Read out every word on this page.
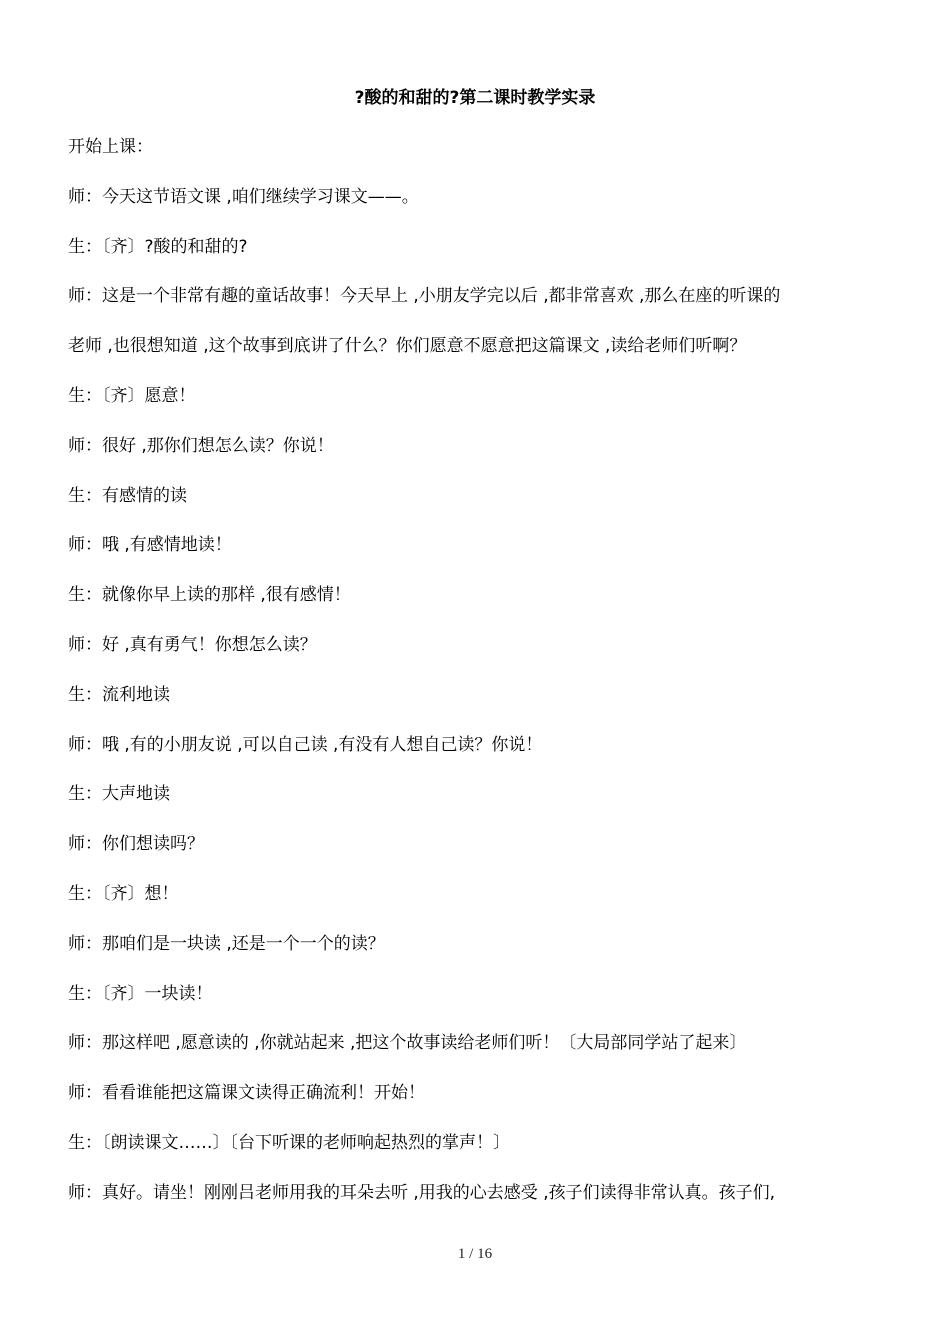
?酸的和甜的?第二课时教学实录
开始上课：
师：今天这节语文课 ,咱们继续学习课文——。
生：〔齐〕?酸的和甜的?
师：这是一个非常有趣的童话故事！今天早上 ,小朋友学完以后 ,都非常喜欢 ,那么在座的听课的
老师 ,也很想知道 ,这个故事到底讲了什么？你们愿意不愿意把这篇课文 ,读给老师们听啊？
生：〔齐〕愿意！
师：很好 ,那你们想怎么读？你说！
生：有感情的读
师：哦 ,有感情地读！
生：就像你早上读的那样 ,很有感情！
师：好 ,真有勇气！你想怎么读？
生：流利地读
师：哦 ,有的小朋友说 ,可以自己读 ,有没有人想自己读？你说！
生：大声地读
师：你们想读吗？
生：〔齐〕想！
师：那咱们是一块读 ,还是一个一个的读？
生：〔齐〕一块读！
师：那这样吧 ,愿意读的 ,你就站起来 ,把这个故事读给老师们听！〔大局部同学站了起来〕
师：看看谁能把这篇课文读得正确流利！开始！
生：〔朗读课文……〕〔台下听课的老师响起热烈的掌声！〕
师：真好。请坐！刚刚吕老师用我的耳朵去听 ,用我的心去感受 ,孩子们读得非常认真。孩子们,
1 / 16
